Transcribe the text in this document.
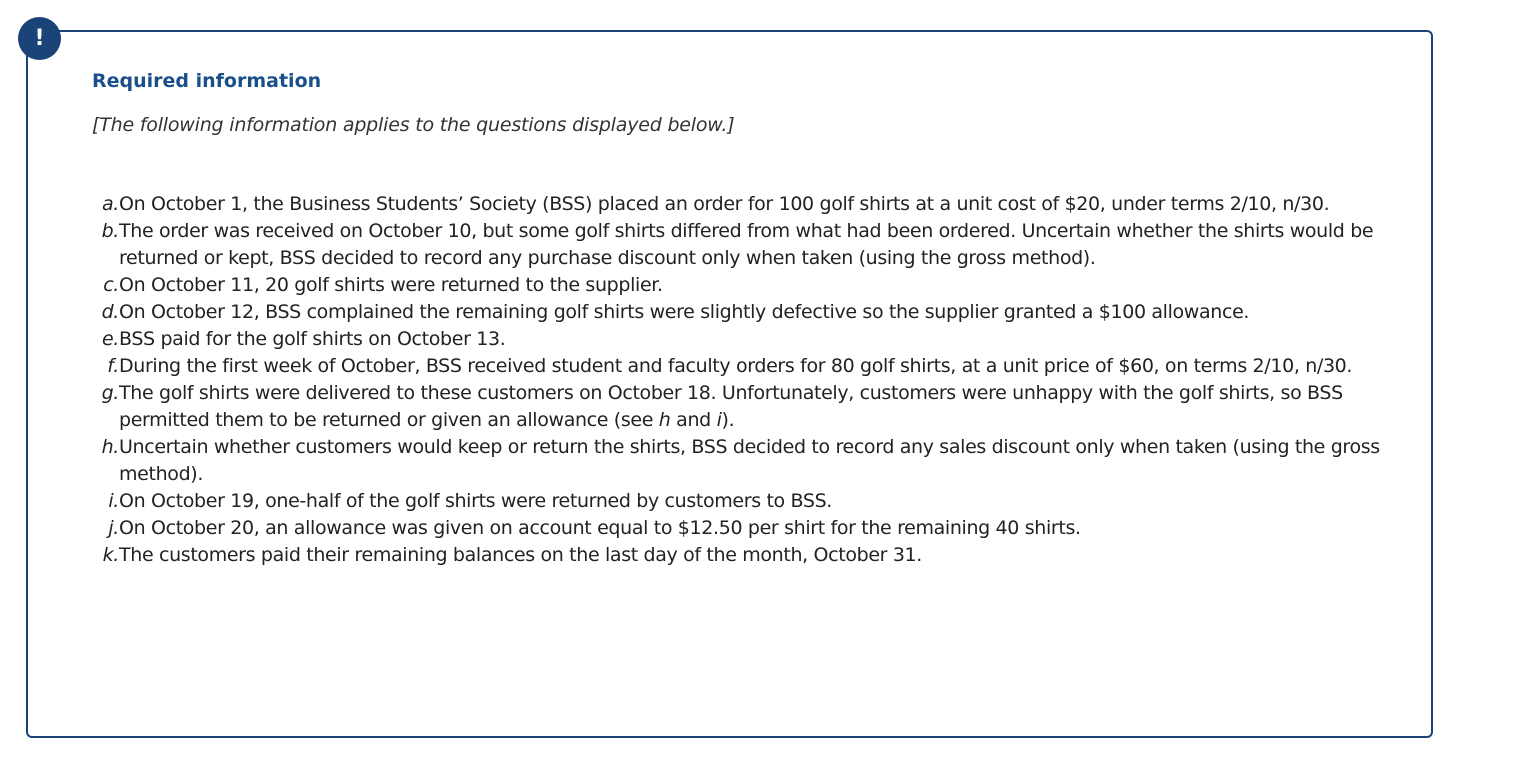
!
Required information

[The following information applies to the questions displayed below.]

a. On October 1, the Business Students’ Society (BSS) placed an order for 100 golf shirts at a unit cost of $20, under terms 2/10, n/30.
b. The order was received on October 10, but some golf shirts differed from what had been ordered. Uncertain whether the shirts would be returned or kept, BSS decided to record any purchase discount only when taken (using the gross method).
c. On October 11, 20 golf shirts were returned to the supplier.
d. On October 12, BSS complained the remaining golf shirts were slightly defective so the supplier granted a $100 allowance.
e. BSS paid for the golf shirts on October 13.
f. During the first week of October, BSS received student and faculty orders for 80 golf shirts, at a unit price of $60, on terms 2/10, n/30.
g. The golf shirts were delivered to these customers on October 18. Unfortunately, customers were unhappy with the golf shirts, so BSS permitted them to be returned or given an allowance (see h and i).
h. Uncertain whether customers would keep or return the shirts, BSS decided to record any sales discount only when taken (using the gross method).
i. On October 19, one-half of the golf shirts were returned by customers to BSS.
j. On October 20, an allowance was given on account equal to $12.50 per shirt for the remaining 40 shirts.
k. The customers paid their remaining balances on the last day of the month, October 31.
